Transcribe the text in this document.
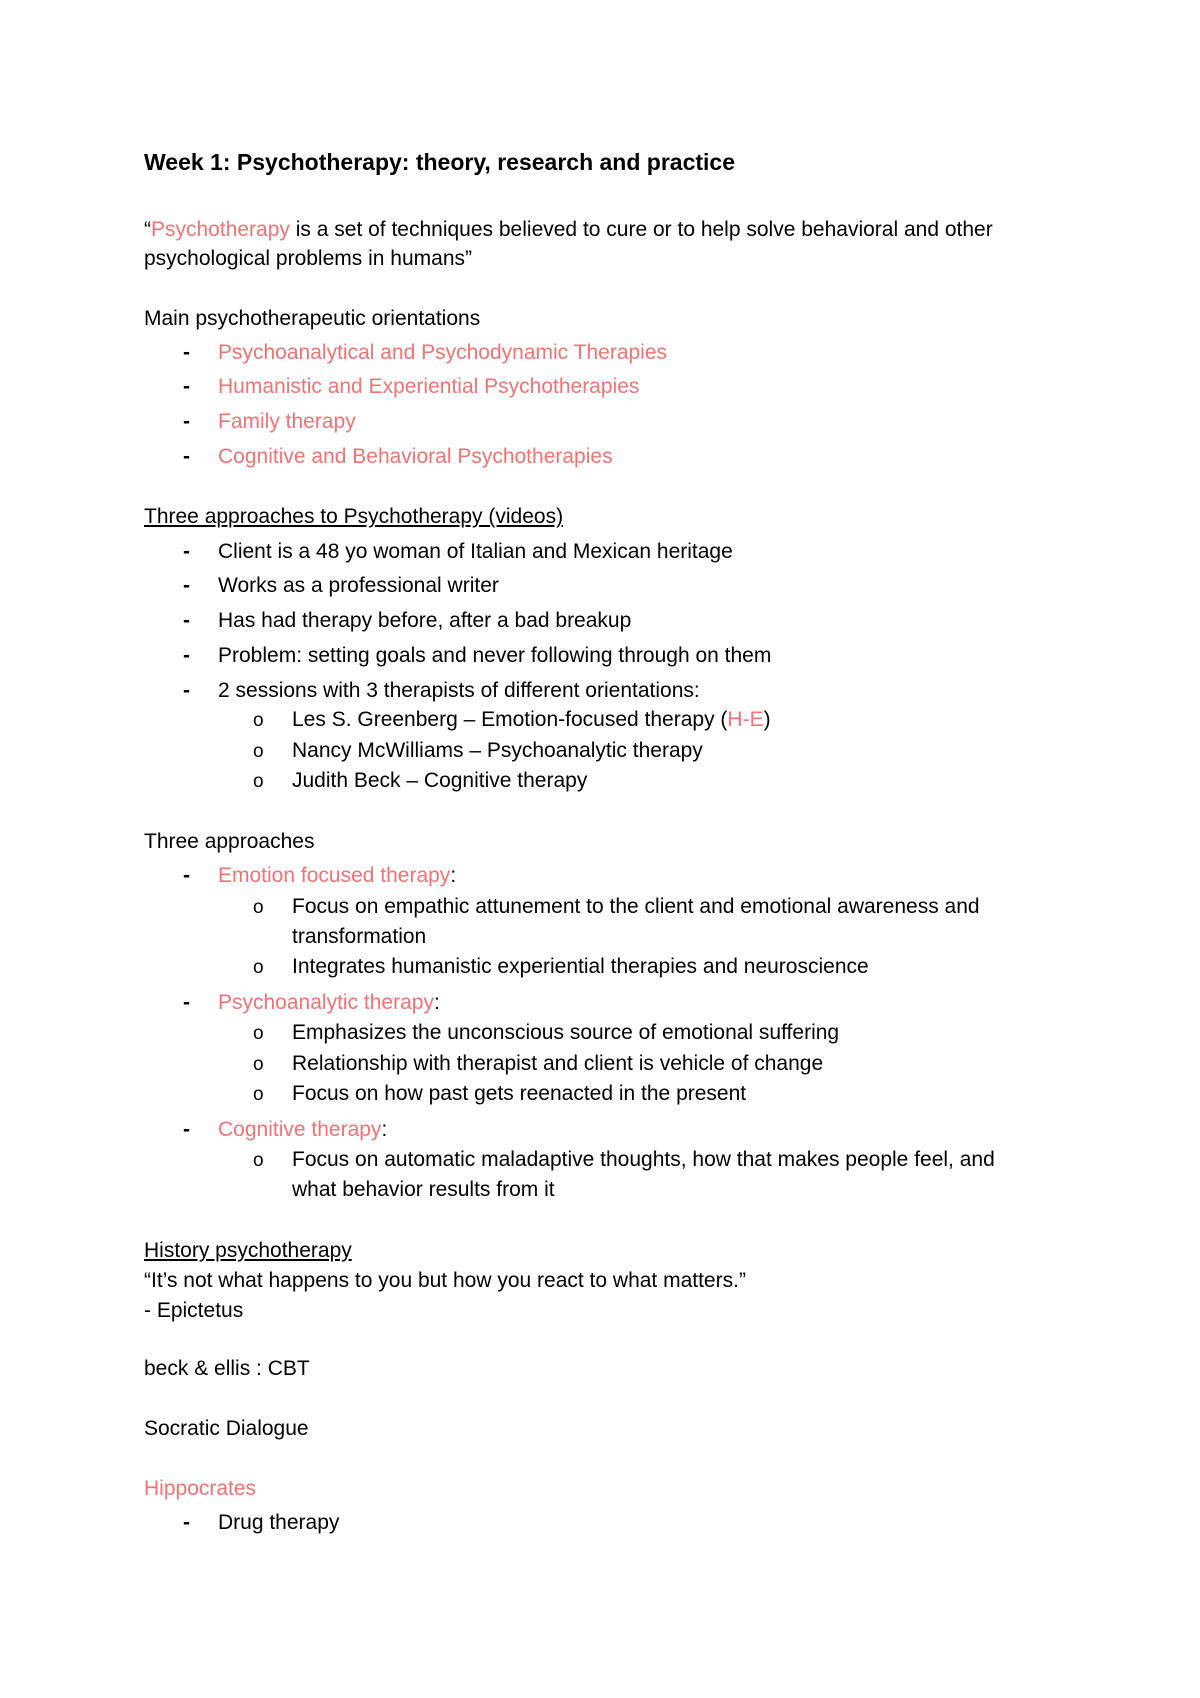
Week 1: Psychotherapy: theory, research and practice
“Psychotherapy is a set of techniques believed to cure or to help solve behavioral and other
psychological problems in humans”
Main psychotherapeutic orientations
- Psychoanalytical and Psychodynamic Therapies
- Humanistic and Experiential Psychotherapies
- Family therapy
- Cognitive and Behavioral Psychotherapies
Three approaches to Psychotherapy (videos)
- Client is a 48 yo woman of Italian and Mexican heritage
- Works as a professional writer
- Has had therapy before, after a bad breakup
- Problem: setting goals and never following through on them
- 2 sessions with 3 therapists of different orientations:
o Les S. Greenberg – Emotion-focused therapy (H-E)
o Nancy McWilliams – Psychoanalytic therapy
o Judith Beck – Cognitive therapy
Three approaches
- Emotion focused therapy:
o Focus on empathic attunement to the client and emotional awareness and
transformation
o Integrates humanistic experiential therapies and neuroscience
- Psychoanalytic therapy:
o Emphasizes the unconscious source of emotional suffering
o Relationship with therapist and client is vehicle of change
o Focus on how past gets reenacted in the present
- Cognitive therapy:
o Focus on automatic maladaptive thoughts, how that makes people feel, and
what behavior results from it
History psychotherapy
“It’s not what happens to you but how you react to what matters.”
- Epictetus
beck & ellis : CBT
Socratic Dialogue
Hippocrates
- Drug therapy
